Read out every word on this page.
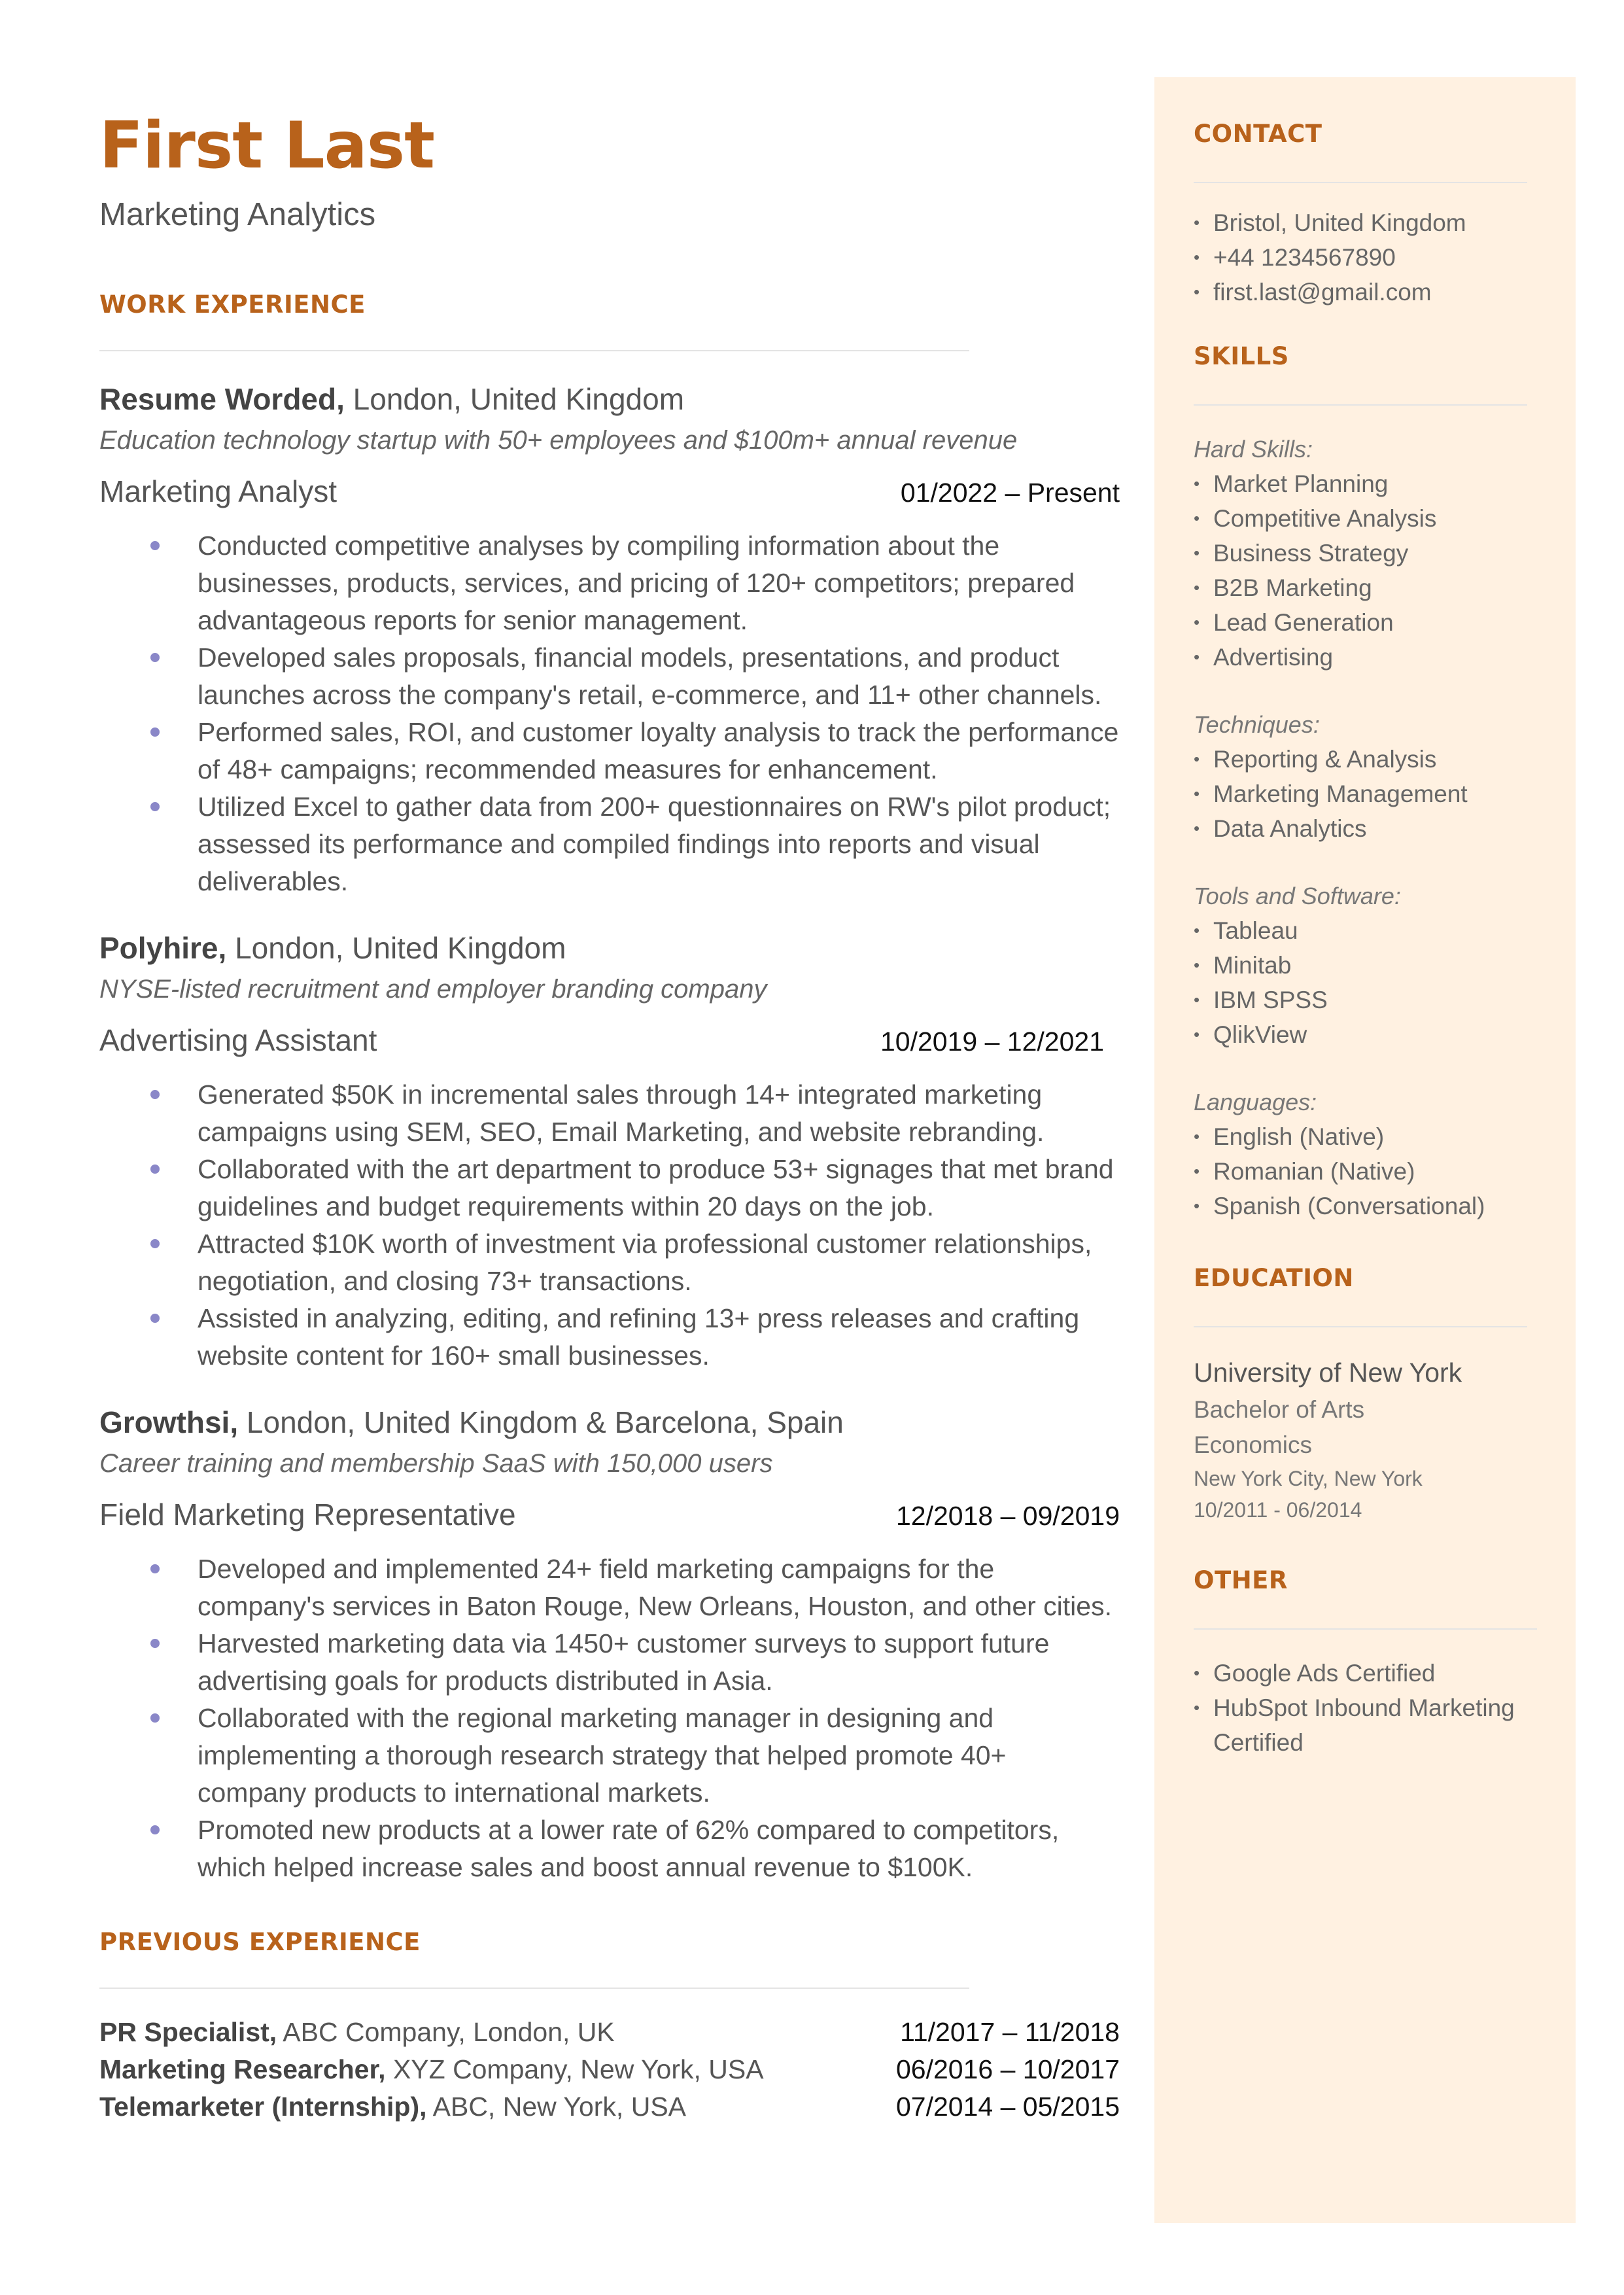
First Last
Marketing Analytics
WORK EXPERIENCE
Resume Worded, London, United Kingdom
Education technology startup with 50+ employees and $100m+ annual revenue
Marketing Analyst	01/2022 – Present
Conducted competitive analyses by compiling information about the businesses, products, services, and pricing of 120+ competitors; prepared advantageous reports for senior management.
Developed sales proposals, financial models, presentations, and product launches across the company's retail, e-commerce, and 11+ other channels.
Performed sales, ROI, and customer loyalty analysis to track the performance of 48+ campaigns; recommended measures for enhancement.
Utilized Excel to gather data from 200+ questionnaires on RW's pilot product; assessed its performance and compiled findings into reports and visual deliverables.
Polyhire, London, United Kingdom
NYSE-listed recruitment and employer branding company
Advertising Assistant	10/2019 – 12/2021
Generated $50K in incremental sales through 14+ integrated marketing campaigns using SEM, SEO, Email Marketing, and website rebranding.
Collaborated with the art department to produce 53+ signages that met brand guidelines and budget requirements within 20 days on the job.
Attracted $10K worth of investment via professional customer relationships, negotiation, and closing 73+ transactions.
Assisted in analyzing, editing, and refining 13+ press releases and crafting website content for 160+ small businesses.
Growthsi, London, United Kingdom & Barcelona, Spain
Career training and membership SaaS with 150,000 users
Field Marketing Representative	12/2018 – 09/2019
Developed and implemented 24+ field marketing campaigns for the company's services in Baton Rouge, New Orleans, Houston, and other cities.
Harvested marketing data via 1450+ customer surveys to support future advertising goals for products distributed in Asia.
Collaborated with the regional marketing manager in designing and implementing a thorough research strategy that helped promote 40+ company products to international markets.
Promoted new products at a lower rate of 62% compared to competitors, which helped increase sales and boost annual revenue to $100K.
PREVIOUS EXPERIENCE
PR Specialist, ABC Company, London, UK	11/2017 – 11/2018
Marketing Researcher, XYZ Company, New York, USA	06/2016 – 10/2017
Telemarketer (Internship), ABC, New York, USA	07/2014 – 05/2015
CONTACT
• Bristol, United Kingdom
• +44 1234567890
• first.last@gmail.com
SKILLS
Hard Skills:
• Market Planning
• Competitive Analysis
• Business Strategy
• B2B Marketing
• Lead Generation
• Advertising
Techniques:
• Reporting & Analysis
• Marketing Management
• Data Analytics
Tools and Software:
• Tableau
• Minitab
• IBM SPSS
• QlikView
Languages:
• English (Native)
• Romanian (Native)
• Spanish (Conversational)
EDUCATION
University of New York
Bachelor of Arts
Economics
New York City, New York
10/2011 - 06/2014
OTHER
• Google Ads Certified
• HubSpot Inbound Marketing Certified
